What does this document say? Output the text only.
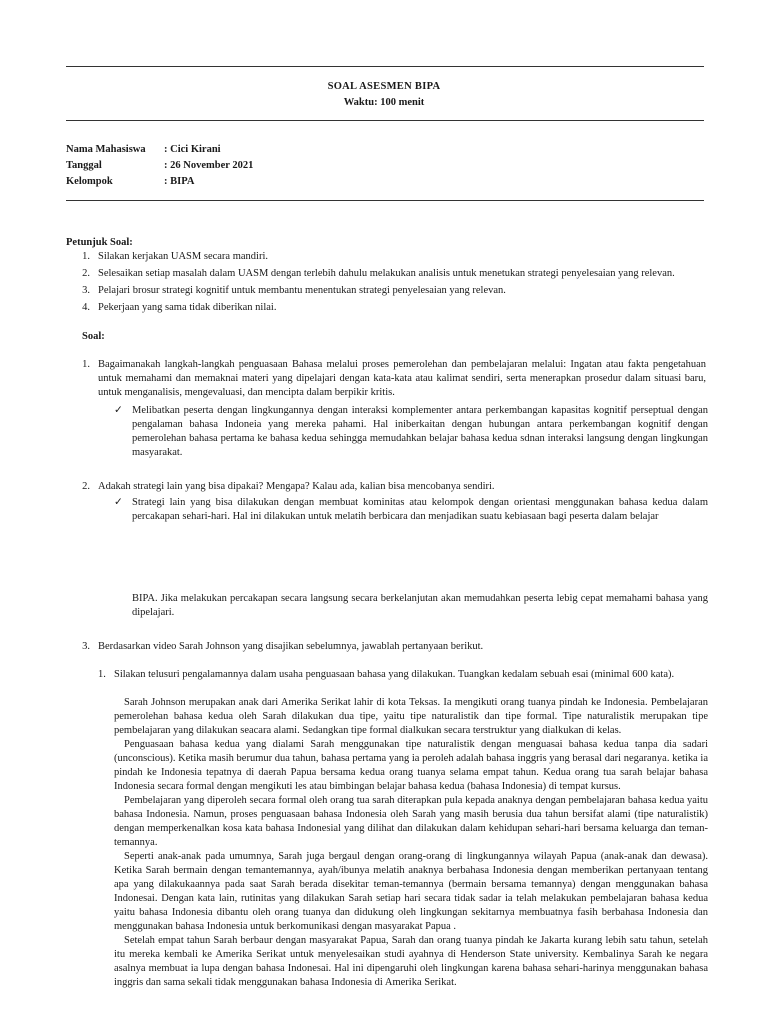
SOAL ASESMEN BIPA
Waktu: 100 menit
Nama Mahasiswa	: Cici Kirani
Tanggal	: 26 November 2021
Kelompok	: BIPA
Petunjuk Soal:
1. Silakan kerjakan UASM secara mandiri.
2. Selesaikan setiap masalah dalam UASM dengan terlebih dahulu melakukan analisis untuk menetukan strategi penyelesaian yang relevan.
3. Pelajari brosur strategi kognitif untuk membantu menentukan strategi penyelesaian yang relevan.
4. Pekerjaan yang sama tidak diberikan nilai.
Soal:
1. Bagaimanakah langkah-langkah penguasaan Bahasa melalui proses pemerolehan dan pembelajaran melalui: Ingatan atau fakta pengetahuan untuk memahami dan memaknai materi yang dipelajari dengan kata-kata atau kalimat sendiri, serta menerapkan prosedur dalam situasi baru, untuk menganalisis, mengevaluasi, dan mencipta dalam berpikir kritis.
✓ Melibatkan peserta dengan lingkungannya dengan interaksi komplementer antara perkembangan kapasitas kognitif perseptual dengan pengalaman bahasa Indoneia yang mereka pahami. Hal iniberkaitan dengan hubungan antara perkembangan kognitif dengan pemerolehan bahasa pertama ke bahasa kedua sehingga memudahkan belajar bahasa kedua sdnan interaksi langsung dengan lingkungan masyarakat.
2. Adakah strategi lain yang bisa dipakai? Mengapa? Kalau ada, kalian bisa mencobanya sendiri.
✓ Strategi lain yang bisa dilakukan dengan membuat kominitas atau kelompok dengan orientasi menggunakan bahasa kedua dalam percakapan sehari-hari. Hal ini dilakukan untuk melatih berbicara dan menjadikan suatu kebiasaan bagi peserta dalam belajar
BIPA. Jika melakukan percakapan secara langsung secara berkelanjutan akan memudahkan peserta lebig cepat memahami bahasa yang dipelajari.
3. Berdasarkan video Sarah Johnson yang disajikan sebelumnya, jawablah pertanyaan berikut.
1. Silakan telusuri pengalamannya dalam usaha penguasaan bahasa yang dilakukan. Tuangkan kedalam sebuah esai (minimal 600 kata).

Sarah Johnson merupakan anak dari Amerika Serikat lahir di kota Teksas. Ia mengikuti orang tuanya pindah ke Indonesia. Pembelajaran pemerolehan bahasa kedua oleh Sarah dilakukan dua tipe, yaitu tipe naturalistik dan tipe formal. Tipe naturalistik merupakan tipe pembelajaran yang dilakukan seacara alami. Sedangkan tipe formal dialkukan secara terstruktur yang dialkukan di kelas.

Penguasaan bahasa kedua yang dialami Sarah menggunakan tipe naturalistik dengan menguasai bahasa kedua tanpa dia sadari (unconscious). Ketika masih berumur dua tahun, bahasa pertama yang ia peroleh adalah bahasa inggris yang berasal dari negaranya. ketika ia pindah ke Indonesia tepatnya di daerah Papua bersama kedua orang tuanya selama empat tahun. Kedua orang tua sarah belajar bahasa Indonesia secara formal dengan mengikuti les atau bimbingan belajar bahasa kedua (bahasa Indonesia) di tempat kursus.

Pembelajaran yang diperoleh secara formal oleh orang tua sarah diterapkan pula kepada anaknya dengan pembelajaran bahasa kedua yaitu bahasa Indonesia. Namun, proses penguasaan bahasa Indonesia oleh Sarah yang masih berusia dua tahun bersifat alami (tipe naturalistik) dengan memperkenalkan kosa kata bahasa Indonesial yang dilihat dan dilakukan dalam kehidupan sehari-hari bersama keluarga dan teman-temannya.

Seperti anak-anak pada umumnya, Sarah juga bergaul dengan orang-orang di lingkungannya wilayah Papua (anak-anak dan dewasa). Ketika Sarah bermain dengan temantemannya, ayah/ibunya melatih anaknya berbahasa Indonesia dengan memberikan pertanyaan tentang apa yang dilakukaannya pada saat Sarah berada disekitar teman-temannya (bermain bersama temannya) dengan menggunakan bahasa Indonesai. Dengan kata lain, rutinitas yang dilakukan Sarah setiap hari secara tidak sadar ia telah melakukan pembelajaran bahasa kedua yaitu bahasa Indonesia dibantu oleh orang tuanya dan didukung oleh lingkungan sekitarnya membuatnya fasih berbahasa Indonesia dan menggunakan bahasa Indonesia untuk berkomunikasi dengan masyarakat Papua .

Setelah empat tahun Sarah berbaur dengan masyarakat Papua, Sarah dan orang tuanya pindah ke Jakarta kurang lebih satu tahun, setelah itu mereka kembali ke Amerika Serikat untuk menyelesaikan studi ayahnya di Henderson State university. Kembalinya Sarah ke negara asalnya membuat ia lupa dengan bahasa Indonesai. Hal ini dipengaruhi oleh lingkungan karena bahasa sehari-harinya menggunakan bahasa inggris dan sama sekali tidak menggunakan bahasa Indonesia di Amerika Serikat.
